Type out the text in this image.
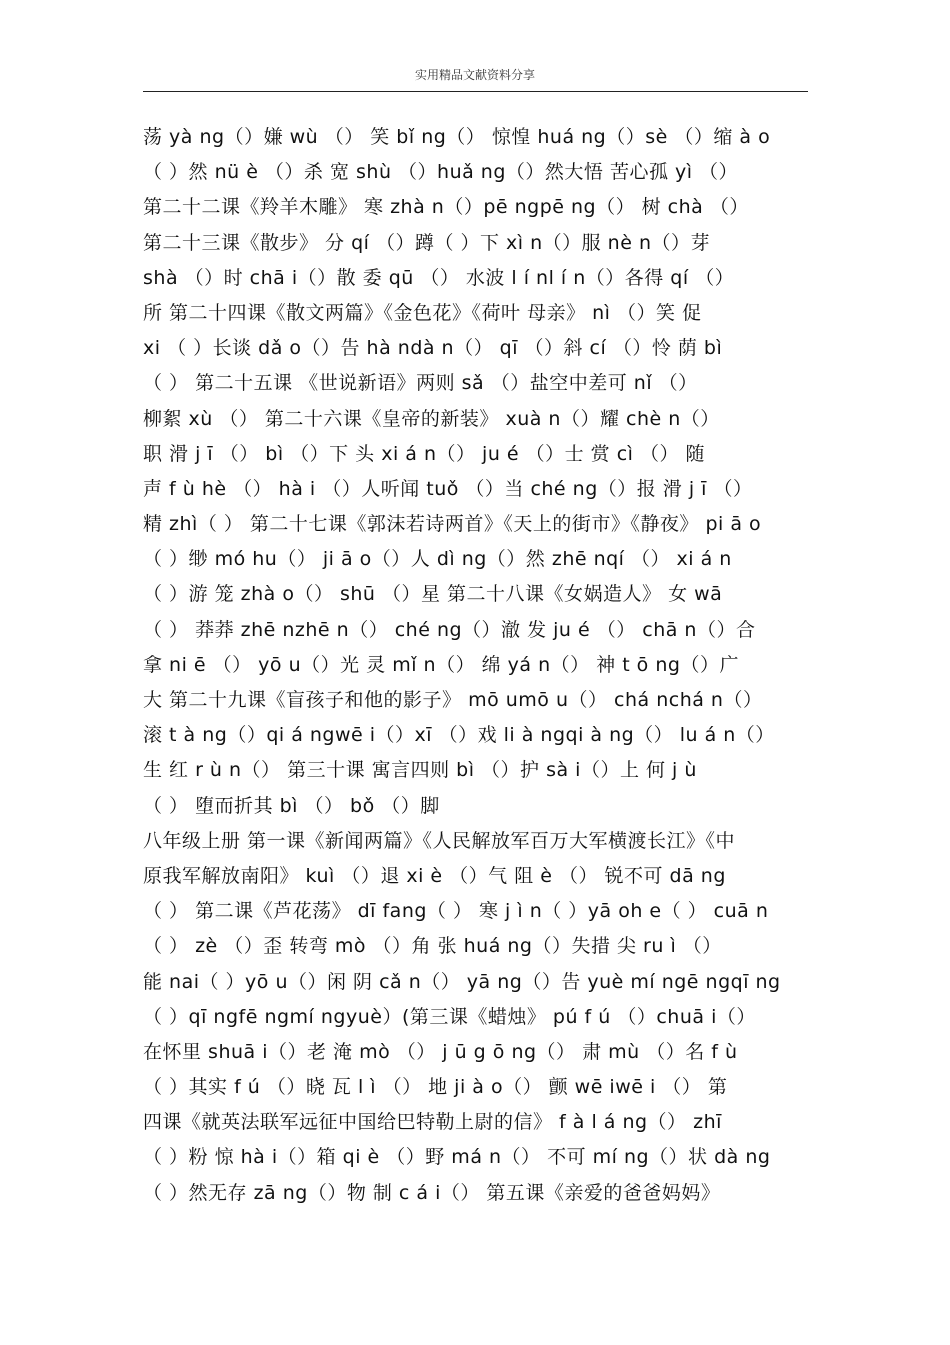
实用精品文献资料分享
荡 yà ng（）嫌 wù （） 笑 bǐ ng（） 惊惶 huá ng（）sè （）缩 à o
（ ）然 nü è （）杀 宽 shù （）huǎ ng（）然大悟 苦心孤 yì （）
第二十二课《羚羊木雕》 寒 zhà n（）pē ngpē ng（） 树 chà （）
第二十三课《散步》 分 qí （）蹲（ ）下 xì n（）服 nè n（）芽
shà （）时 chā i（）散 委 qū （） 水波 l í nl í n（）各得 qí （）
所 第二十四课《散文两篇》《金色花》《荷叶 母亲》 nì （）笑 促
xi （ ）长谈 dǎ o（）告 hà ndà n（） qī （）斜 cí （）怜 荫 bì
（ ） 第二十五课 《世说新语》两则 sǎ （）盐空中差可 nǐ （）
柳絮 xù （） 第二十六课《皇帝的新装》 xuà n（）耀 chè n（）
职 滑 j ī （） bì （）下 头 xi á n（） ju é （）士 赏 cì （） 随
声 f ù hè （） hà i （）人听闻 tuǒ （）当 ché ng（）报 滑 j ī （）
精 zhì（ ） 第二十七课《郭沫若诗两首》《天上的街市》《静夜》 pi ā o
（ ）缈 mó hu（） ji ā o（）人 dì ng（）然 zhē nqí （） xi á n
（ ）游 笼 zhà o（） shū （）星 第二十八课《女娲造人》 女 wā
（ ） 莽莽 zhē nzhē n（） ché ng（）澈 发 ju é （） chā n（）合
拿 ni ē （） yō u（）光 灵 mǐ n（） 绵 yá n（） 神 t ō ng（）广
大 第二十九课《盲孩子和他的影子》 mō umō u（） chá nchá n（）
滚 t à ng（）qi á ngwē i（）xī （）戏 li à ngqi à ng（） lu á n（）
生 红 r ù n（） 第三十课 寓言四则 bì （）护 sà i（）上 何 j ù
（ ） 堕而折其 bì （） bǒ （）脚
八年级上册 第一课《新闻两篇》《人民解放军百万大军横渡长江》《中
原我军解放南阳》 kuì （）退 xi è （）气 阻 è （） 锐不可 dā ng
（ ） 第二课《芦花荡》 dī fang（ ） 寒 j ì n（ ）yā oh e（ ） cuā n
（ ） zè （）歪 转弯 mò （）角 张 huá ng（）失措 尖 ru ì （）
能 nai（ ）yō u（）闲 阴 cǎ n（） yā ng（）告 yuè mí ngē ngqī ng
（ ）qī ngfē ngmí ngyuè）(第三课《蜡烛》 pú f ú （）chuā i（）
在怀里 shuā i（）老 淹 mò （） j ū g ō ng（） 肃 mù （）名 f ù
（ ）其实 f ú （）晓 瓦 l ì （） 地 ji à o（） 颤 wē iwē i （） 第
四课《就英法联军远征中国给巴特勒上尉的信》 f à l á ng（） zhī
（ ）粉 惊 hà i（）箱 qi è （）野 má n（） 不可 mí ng（）状 dà ng
（ ）然无存 zā ng（）物 制 c á i（） 第五课《亲爱的爸爸妈妈》
